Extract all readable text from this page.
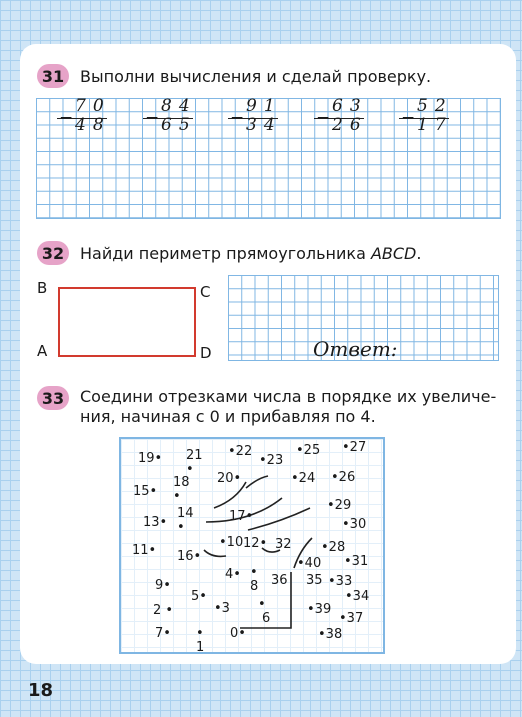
31 Выполни вычисления и сделай проверку.
−
70
48 −
84
65 −
91
34 −
63
26 −
52
17
32 Найди периметр прямоугольника ABCD.
B	C
A	D	Ответ:
33 Соедини отрезками числа в порядке их увеличе-
ния, начиная с 0 и прибавляя по 4.
0•
•
1
2 •	•3
4•
5•
•
6
7•
•
8
9•
•10
11•	12•
13•
14
•
15•
16•
17•
18
•
19•
20•
21
•
•22
•23
•24
•25
•26
•27
•28
•29
•30
•31
32
•33
•34
35
36
•37
•38
•39
•40
18
